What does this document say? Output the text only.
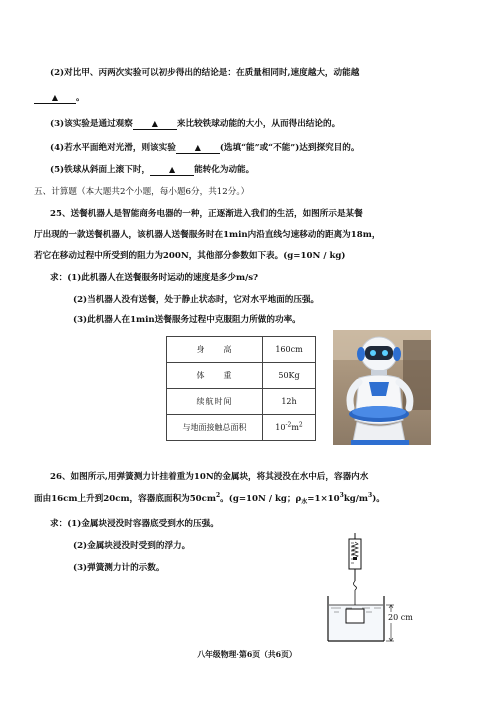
(2)对比甲、丙两次实验可以初步得出的结论是：在质量相同时,速度越大，动能越
▲ 。
(3)该实验是通过观察 ▲ 来比较铁球动能的大小，从而得出结论的。
(4)若水平面绝对光滑，则该实验 ▲ (选填“能”或“不能”)达到探究目的。
(5)铁球从斜面上滚下时， ▲ 能转化为动能。
五、计算题（本大题共2个小题，每小题6分，共12分。）
25、送餐机器人是智能商务电器的一种，正逐渐进入我们的生活，如图所示是某餐
厅出现的一款送餐机器人，该机器人送餐服务时在1min内沿直线匀速移动的距离为18m，
若它在移动过程中所受到的阻力为200N，其他部分参数如下表。(g=10N / kg)
求：(1)此机器人在送餐服务时运动的速度是多少m/s?
(2)当机器人没有送餐，处于静止状态时，它对水平地面的压强。
(3)此机器人在1min送餐服务过程中克服阻力所做的功率。
身　　高	160cm
体　　重	50Kg
续航时间	12h
与地面接触总面积	$10^{-2}m^2$
26、如图所示,用弹簧测力计挂着重为10N的金属块，将其浸没在水中后，容器内水
面由16cm上升到20cm，容器底面积为$50cm^2$。(g=10N / kg；$\rho_水=1\times 10^3kg/m^3$)。
求：(1)金属块浸没时容器底受到水的压强。
(2)金属块浸没时受到的浮力。
(3)弹簧测力计的示数。
20 cm
八年级物理·第6页（共6页）
